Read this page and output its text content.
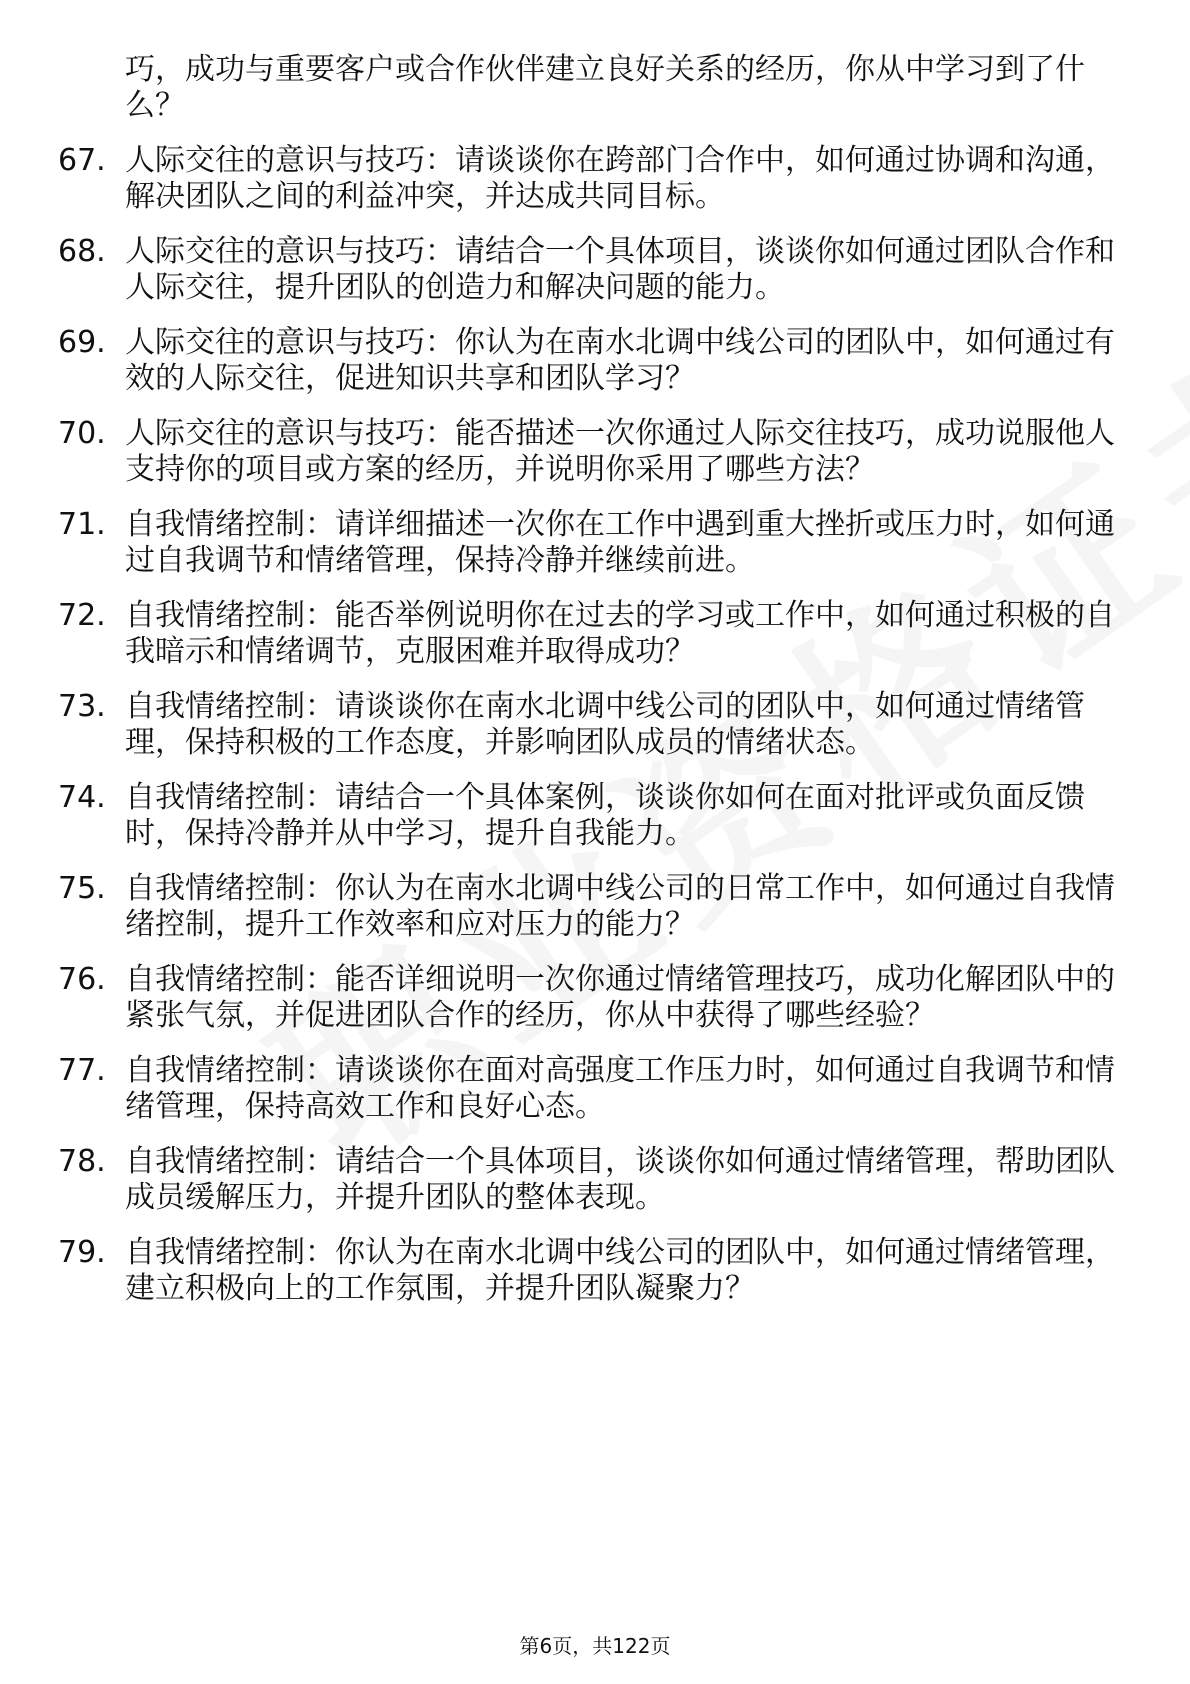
巧，成功与重要客户或合作伙伴建立良好关系的经历，你从中学习到了什么？
67. 人际交往的意识与技巧：请谈谈你在跨部门合作中，如何通过协调和沟通，解决团队之间的利益冲突，并达成共同目标。
68. 人际交往的意识与技巧：请结合一个具体项目，谈谈你如何通过团队合作和人际交往，提升团队的创造力和解决问题的能力。
69. 人际交往的意识与技巧：你认为在南水北调中线公司的团队中，如何通过有效的人际交往，促进知识共享和团队学习？
70. 人际交往的意识与技巧：能否描述一次你通过人际交往技巧，成功说服他人支持你的项目或方案的经历，并说明你采用了哪些方法？
71. 自我情绪控制：请详细描述一次你在工作中遇到重大挫折或压力时，如何通过自我调节和情绪管理，保持冷静并继续前进。
72. 自我情绪控制：能否举例说明你在过去的学习或工作中，如何通过积极的自我暗示和情绪调节，克服困难并取得成功？
73. 自我情绪控制：请谈谈你在南水北调中线公司的团队中，如何通过情绪管理，保持积极的工作态度，并影响团队成员的情绪状态。
74. 自我情绪控制：请结合一个具体案例，谈谈你如何在面对批评或负面反馈时，保持冷静并从中学习，提升自我能力。
75. 自我情绪控制：你认为在南水北调中线公司的日常工作中，如何通过自我情绪控制，提升工作效率和应对压力的能力？
76. 自我情绪控制：能否详细说明一次你通过情绪管理技巧，成功化解团队中的紧张气氛，并促进团队合作的经历，你从中获得了哪些经验？
77. 自我情绪控制：请谈谈你在面对高强度工作压力时，如何通过自我调节和情绪管理，保持高效工作和良好心态。
78. 自我情绪控制：请结合一个具体项目，谈谈你如何通过情绪管理，帮助团队成员缓解压力，并提升团队的整体表现。
79. 自我情绪控制：你认为在南水北调中线公司的团队中，如何通过情绪管理，建立积极向上的工作氛围，并提升团队凝聚力？
第6页，共122页
